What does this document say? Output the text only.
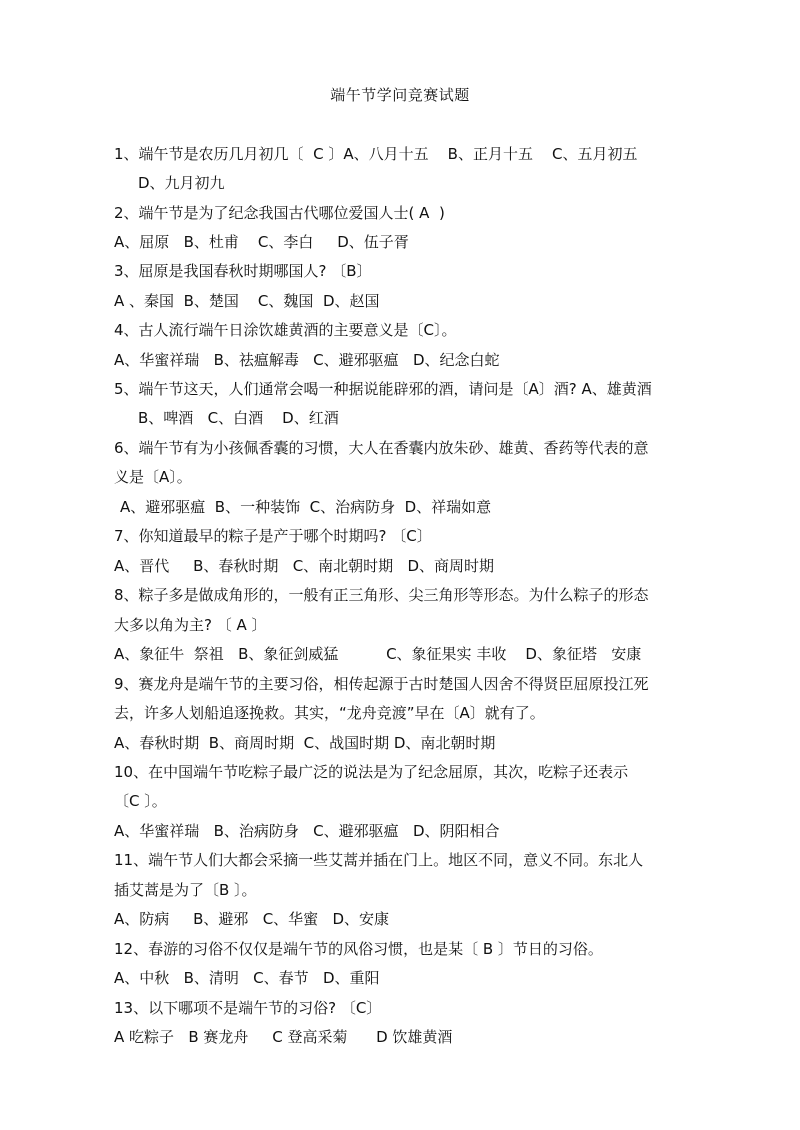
端午节学问竞赛试题
1、端午节是农历几月初几〔  C 〕A、八月十五    B、正月十五    C、五月初五
D、九月初九
2、端午节是为了纪念我国古代哪位爱国人士( A  )
A、屈原   B、杜甫    C、李白     D、伍子胥
3、屈原是我国春秋时期哪国人? 〔B〕
A 、秦国  B、楚国    C、魏国  D、赵国
4、古人流行端午日涂饮雄黄酒的主要意义是〔C〕。
A、华蜜祥瑞   B、祛瘟解毒   C、避邪驱瘟   D、纪念白蛇
5、端午节这天，人们通常会喝一种据说能辟邪的酒，请问是〔A〕酒? A、雄黄酒
B、啤酒   C、白酒    D、红酒
6、端午节有为小孩佩香囊的习惯，大人在香囊内放朱砂、雄黄、香药等代表的意
义是〔A〕。
A、避邪驱瘟  B、一种装饰  C、治病防身  D、祥瑞如意
7、你知道最早的粽子是产于哪个时期吗? 〔C〕
A、晋代     B、春秋时期   C、南北朝时期   D、商周时期
8、粽子多是做成角形的，一般有正三角形、尖三角形等形态。为什么粽子的形态
大多以角为主? 〔 A 〕
A、象征牛  祭祖   B、象征剑威猛          C、象征果实 丰收    D、象征塔   安康
9、赛龙舟是端午节的主要习俗，相传起源于古时楚国人因舍不得贤臣屈原投江死
去，许多人划船追逐挽救。其实，“龙舟竞渡”早在〔A〕就有了。
A、春秋时期  B、商周时期  C、战国时期 D、南北朝时期
10、在中国端午节吃粽子最广泛的说法是为了纪念屈原，其次，吃粽子还表示
〔C 〕。
A、华蜜祥瑞   B、治病防身   C、避邪驱瘟   D、阴阳相合
11、端午节人们大都会采摘一些艾蒿并插在门上。地区不同，意义不同。东北人
插艾蒿是为了〔B 〕。
A、防病     B、避邪   C、华蜜   D、安康
12、春游的习俗不仅仅是端午节的风俗习惯，也是某〔 B 〕节日的习俗。
A、中秋   B、清明   C、春节   D、重阳
13、以下哪项不是端午节的习俗? 〔C〕
A 吃粽子   B 赛龙舟     C 登高采菊      D 饮雄黄酒
